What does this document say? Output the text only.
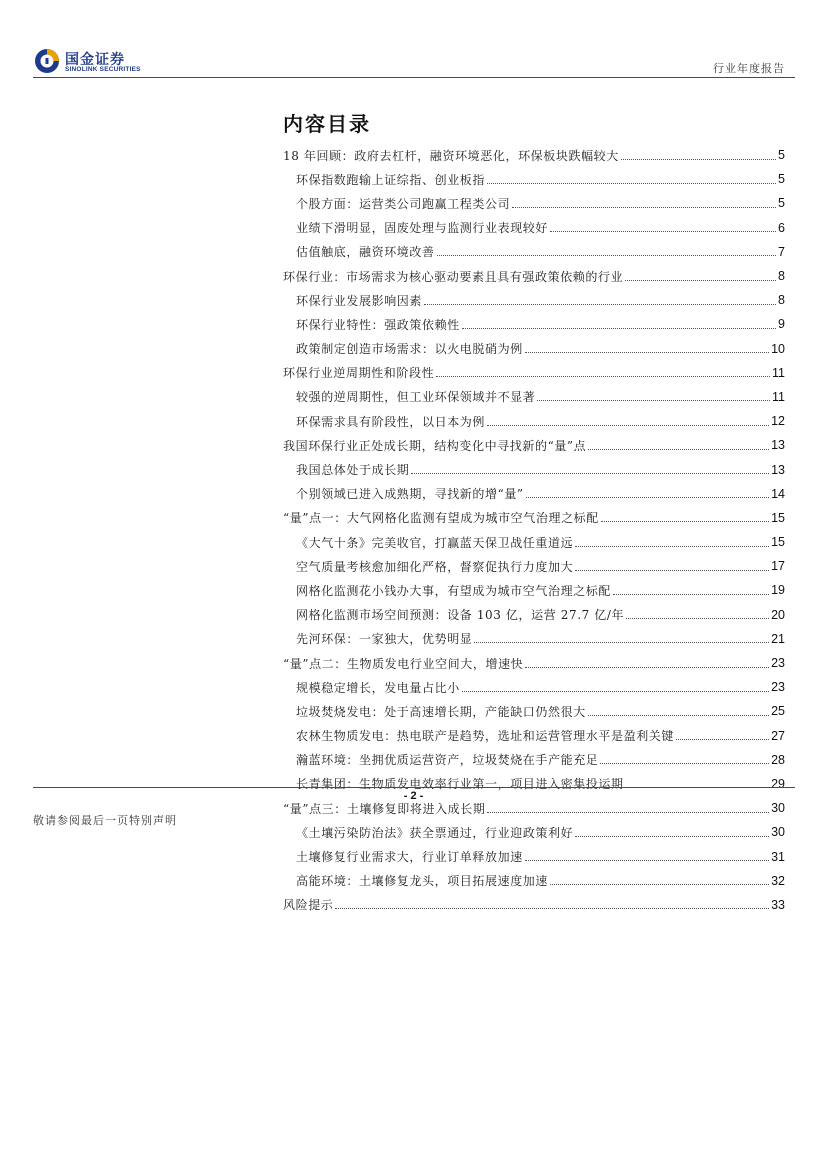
国金证券
SINOLINK SECURITIES	行业年度报告
内容目录
18 年回顾：政府去杠杆，融资环境恶化，环保板块跌幅较大	5
环保指数跑输上证综指、创业板指	5
个股方面：运营类公司跑赢工程类公司	5
业绩下滑明显，固废处理与监测行业表现较好	6
估值触底，融资环境改善	7
环保行业：市场需求为核心驱动要素且具有强政策依赖的行业	8
环保行业发展影响因素	8
环保行业特性：强政策依赖性	9
政策制定创造市场需求：以火电脱硝为例	10
环保行业逆周期性和阶段性	11
较强的逆周期性，但工业环保领域并不显著	11
环保需求具有阶段性，以日本为例	12
我国环保行业正处成长期，结构变化中寻找新的“量”点	13
我国总体处于成长期	13
个别领域已进入成熟期，寻找新的增“量”	14
“量”点一：大气网格化监测有望成为城市空气治理之标配	15
《大气十条》完美收官，打赢蓝天保卫战任重道远	15
空气质量考核愈加细化严格，督察促执行力度加大	17
网格化监测花小钱办大事，有望成为城市空气治理之标配	19
网格化监测市场空间预测：设备 103 亿，运营 27.7 亿/年	20
先河环保：一家独大，优势明显	21
“量”点二：生物质发电行业空间大，增速快	23
规模稳定增长，发电量占比小	23
垃圾焚烧发电：处于高速增长期，产能缺口仍然很大	25
农林生物质发电：热电联产是趋势，选址和运营管理水平是盈利关键	27
瀚蓝环境：坐拥优质运营资产，垃圾焚烧在手产能充足	28
长青集团：生物质发电效率行业第一，项目进入密集投运期	29
“量”点三：土壤修复即将进入成长期	30
《土壤污染防治法》获全票通过，行业迎政策利好	30
土壤修复行业需求大，行业订单释放加速	31
高能环境：土壤修复龙头，项目拓展速度加速	32
风险提示	33
- 2 -
敬请参阅最后一页特别声明
